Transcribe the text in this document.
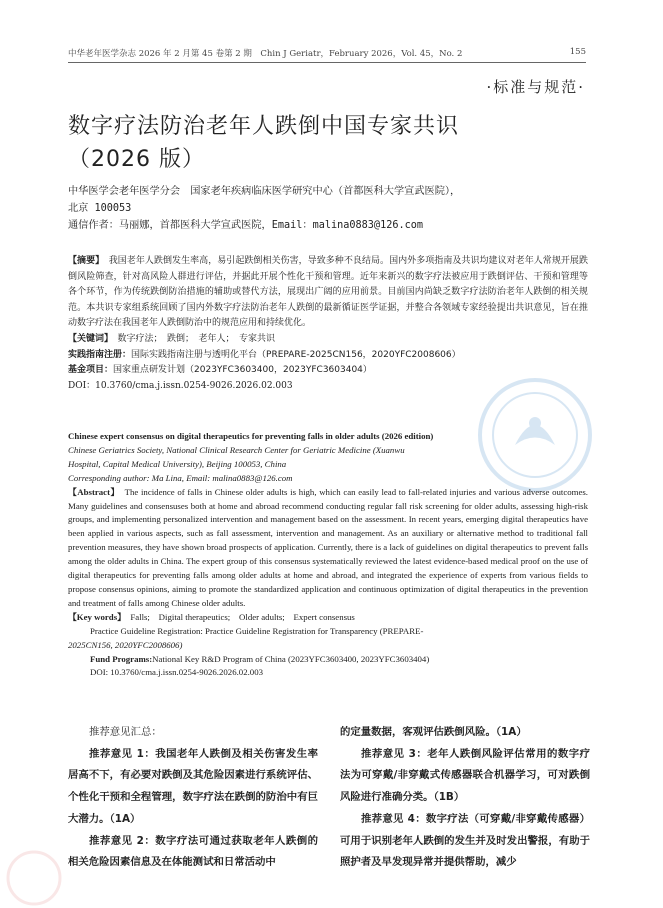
中华老年医学杂志 2026 年 2 月第 45 卷第 2 期　Chin J Geriatr，February 2026，Vol. 45，No. 2	155
·标准与规范·
数字疗法防治老年人跌倒中国专家共识
（2026 版）
中华医学会老年医学分会　国家老年疾病临床医学研究中心（首都医科大学宣武医院），
北京 100053
通信作者：马丽娜，首都医科大学宣武医院，Email：malina0883@126.com

【摘要】　 我国老年人跌倒发生率高，易引起跌倒相关伤害，导致多种不良结局。国内外多项指南及共识均建议对老年人常规开展跌倒风险筛查，针对高风险人群进行评估，并据此开展个性化干预和管理。近年来新兴的数字疗法被应用于跌倒评估、干预和管理等各个环节，作为传统跌倒防治措施的辅助或替代方法，展现出广阔的应用前景。目前国内尚缺乏数字疗法防治老年人跌倒的相关规范。本共识专家组系统回顾了国内外数字疗法防治老年人跌倒的最新循证医学证据，并整合各领域专家经验提出共识意见，旨在推动数字疗法在我国老年人跌倒防治中的规范应用和持续优化。

【关键词】　 数字疗法；　跌倒；　老年人；　专家共识

实践指南注册：国际实践指南注册与透明化平台（PREPARE-2025CN156，2020YFC2008606）

基金项目：国家重点研发计划（2023YFC3603400，2023YFC3603404）

DOI：10.3760/cma.j.issn.0254-9026.2026.02.003

Chinese expert consensus on digital therapeutics for preventing falls in older adults (2026 edition)

Chinese Geriatrics Society, National Clinical Research Center for Geriatric Medicine (Xuanwu

Hospital, Capital Medical University), Beijing 100053, China

Corresponding author: Ma Lina, Email: malina0883@126.com

【Abstract】　 The incidence of falls in Chinese older adults is high, which can easily lead to fall-related injuries and various adverse outcomes. Many guidelines and consensuses both at home and abroad recommend conducting regular fall risk screening for older adults, assessing high-risk groups, and implementing personalized intervention and management based on the assessment. In recent years, emerging digital therapeutics have been applied in various aspects, such as fall assessment, intervention and management. As an auxiliary or alternative method to traditional fall prevention measures, they have shown broad prospects of application. Currently, there is a lack of guidelines on digital therapeutics to prevent falls among the older adults in China. The expert group of this consensus systematically reviewed the latest evidence-based medical proof on the use of digital therapeutics for preventing falls among older adults at home and abroad, and integrated the experience of experts from various fields to propose consensus opinions, aiming to promote the standardized application and continuous optimization of digital therapeutics in the prevention and treatment of falls among Chinese older adults.

【Key words】　 Falls;　Digital therapeutics;　Older adults;　Expert consensus

Practice Guideline Registration: Practice Guideline Registration for Transparency (PREPARE-

2025CN156, 2020YFC2008606)

Fund Programs:National Key R&D Program of China (2023YFC3603400, 2023YFC3603404)

DOI: 10.3760/cma.j.issn.0254-9026.2026.02.003

推荐意见汇总：

推荐意见 1：我国老年人跌倒及相关伤害发生率居高不下，有必要对跌倒及其危险因素进行系统评估、个性化干预和全程管理，数字疗法在跌倒的防治中有巨大潜力。（1A）

推荐意见 2：数字疗法可通过获取老年人跌倒的相关危险因素信息及在体能测试和日常活动中

的定量数据，客观评估跌倒风险。（1A）

推荐意见 3：老年人跌倒风险评估常用的数字疗法为可穿戴/非穿戴式传感器联合机器学习，可对跌倒风险进行准确分类。（1B）

推荐意见 4：数字疗法（可穿戴/非穿戴传感器）可用于识别老年人跌倒的发生并及时发出警报，有助于照护者及早发现异常并提供帮助，减少
